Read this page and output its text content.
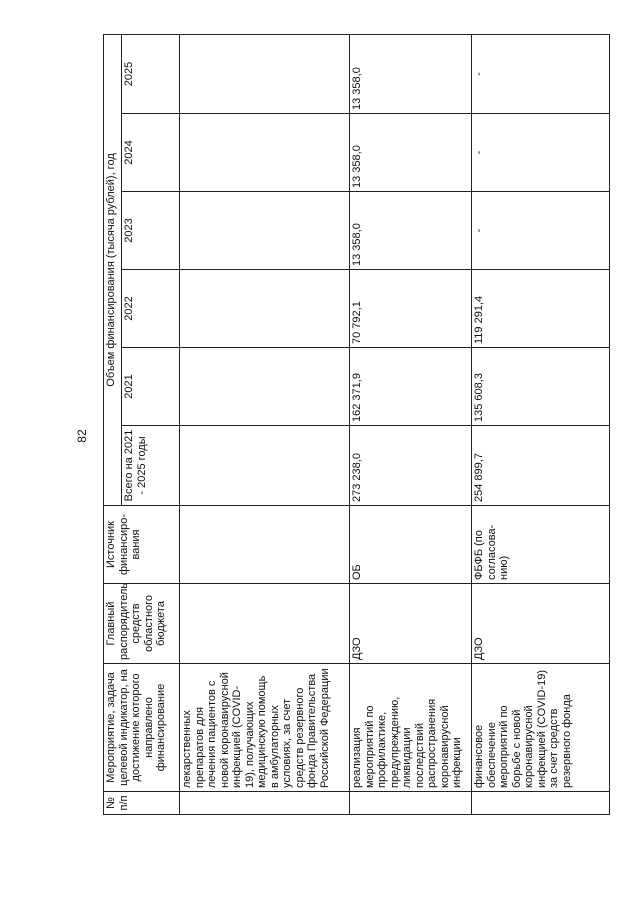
82
№ п/п	Мероприятие, задача целевой индикатор, на достижение которого направлено финансирование	Главный распорядитель средств областного бюджета	Источник финансиро-вания	Объем финансирования (тысяча рублей), год					
				Всего на 2021 - 2025 годы	2021	2022	2023	2024	2025
	лекарственных препаратов для лечения пациентов с новой коронавирусной инфекцией (COVID-19), получающих медицинскую помощь в амбулаторных условиях, за счет средств резервного фонда Правительства Российской Федерации								
	реализация мероприятий по профилактике, предупреждению, ликвидации последствий распространения коронавирусной инфекции	ДЗО	ОБ	273 238,0	162 371,9	70 792,1	13 358,0	13 358,0	13 358,0
	финансовое обеспечение мероприятий по борьбе с новой коронавирусной инфекцией (COVID-19) за счет средств резервного фонда	ДЗО	ФБФБ (по согласова-нию)	254 899,7	135 608,3	119 291,4	-	-	-
